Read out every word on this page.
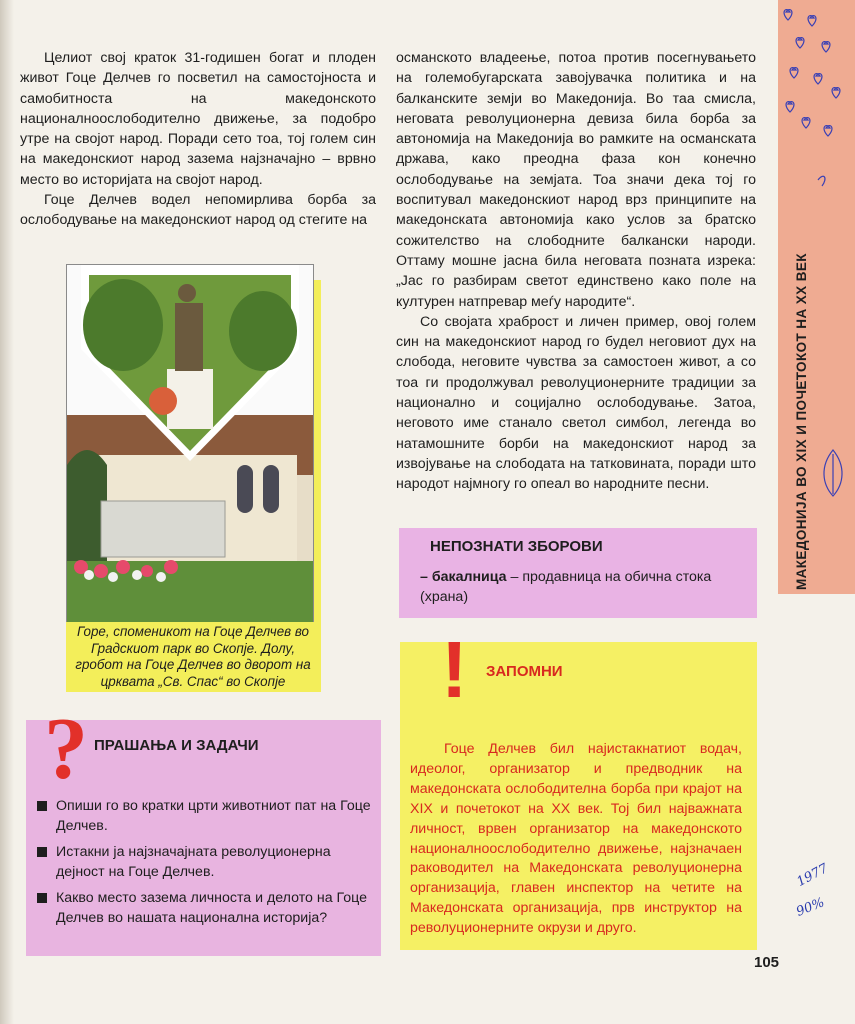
МАКЕДОНИЈА ВО XIX И ПОЧЕТОКОТ НА XX ВЕК

Целиот свој краток 31-годишен богат и плоден живот Гоце Делчев го посветил на самостојноста и самобитноста на македонското националноослободително движење, за подобро утре на својот народ. Поради сето тоа, тој голем син на македонскиот народ зазема најзначајно – врвно место во историјата на својот народ.

Гоце Делчев водел непомирлива борба за ослободување на македонскиот народ од стегите на

османското владеење, потоа против посегнувањето на големобугарската завојувачка политика и на балканските земји во Македонија. Во таа смисла, неговата револуционерна девиза била борба за автономија на Македонија во рамките на османската држава, како преодна фаза кон конечно ослободување на земјата. Тоа значи дека тој го воспитувал македонскиот народ врз принципите на македонската автономија како услов за братско сожителство на слободните балкански народи. Оттаму мошне јасна била неговата позната изрека: „Јас го разбирам светот единствено како поле на културен натпревар меѓу народите“.

Со својата храброст и личен пример, овој голем син на македонскиот народ го будел неговиот дух на слобода, неговите чувства за самостоен живот, а со тоа ги продолжувал револуционерните традиции за национално и социјално ослободување. Затоа, неговото име станало светол симбол, легенда во натамошните борби на македонскиот народ за извојување на слободата на татковината, поради што народот најмногу го опеал во народните песни.

Горе, споменикот на Гоце Делчев во Градскиот парк во Скопје. Долу, гробот на Гоце Делчев во дворот на црквата „Св. Спас“ во Скопје
? ПРАШАЊА И ЗАДАЧИ
Опиши го во кратки црти животниот пат на Гоце Делчев.
Истакни ја најзначајната револуционерна дејност на Гоце Делчев.
Какво место зазема личноста и делото на Гоце Делчев во нашата национална историја?
НЕПОЗНАТИ ЗБОРОВИ
– бакалница – продавница на обична стока (храна)
! ЗАПОМНИ

Гоце Делчев бил најистакнатиот водач, идеолог, организатор и предводник на македонската ослободителна борба при крајот на XIX и почетокот на XX век. Тој бил најважната личност, врвен организатор на македонското националноослободително движење, најзначаен раководител на Македонската револуционерна организација, главен инспектор на четите на Македонската организација, прв инструктор на револуционерните окрузи и друго.

105
1977
90%
